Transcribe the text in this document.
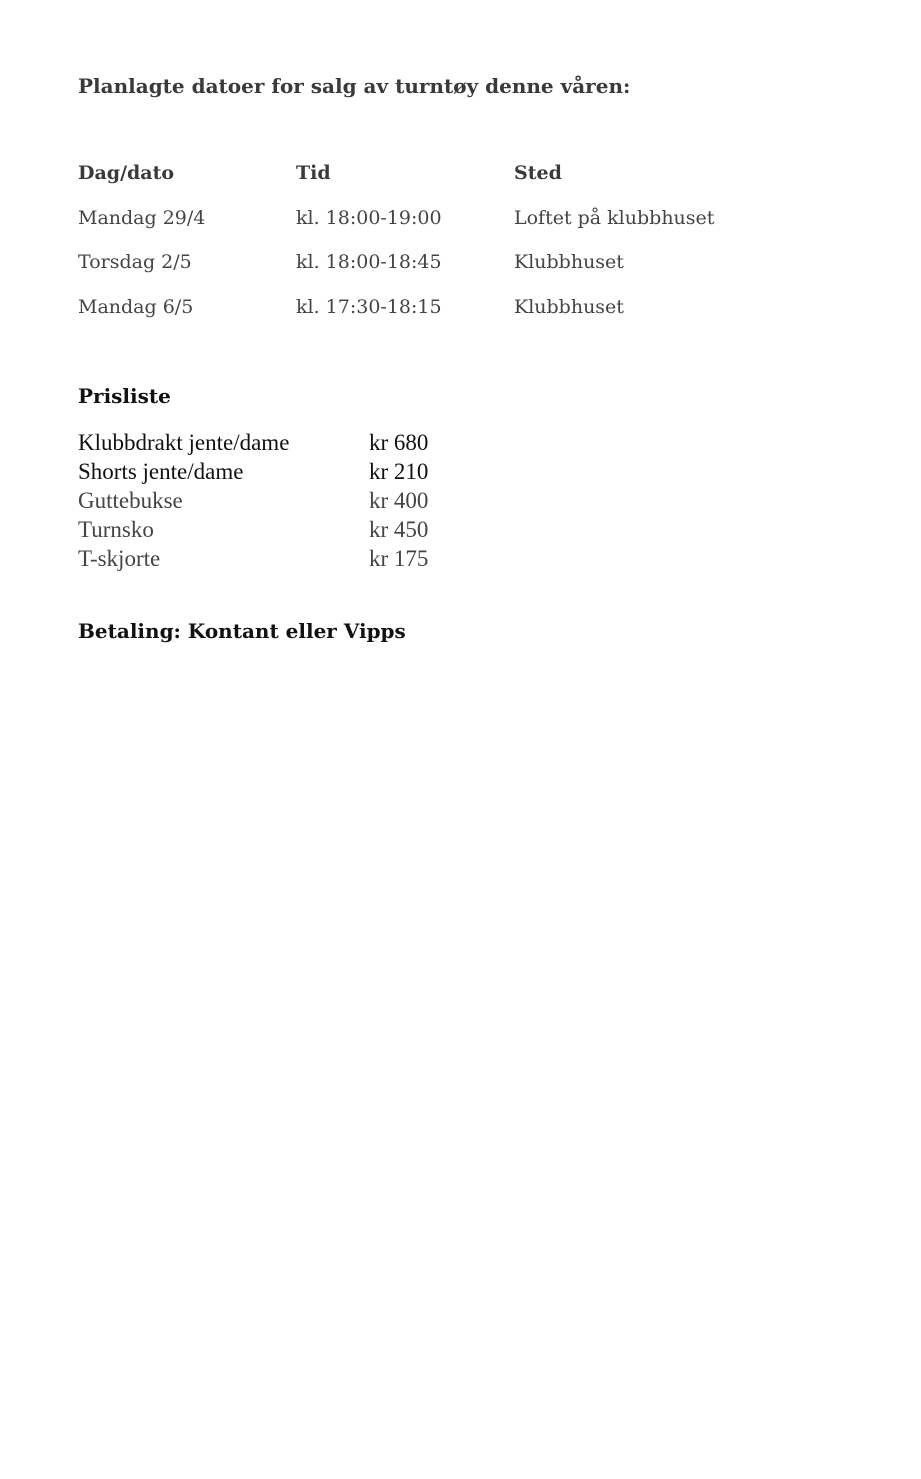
Planlagte datoer for salg av turntøy denne våren:
Dag/dato	Tid	Sted
Mandag 29/4	kl. 18:00-19:00	Loftet på klubbhuset
Torsdag 2/5	kl. 18:00-18:45	Klubbhuset
Mandag 6/5	kl. 17:30-18:15	Klubbhuset
Prisliste
Klubbdrakt jente/dame	kr 680
Shorts jente/dame	kr 210
Guttebukse	kr 400
Turnsko	kr 450
T-skjorte	kr 175
Betaling: Kontant eller Vipps
